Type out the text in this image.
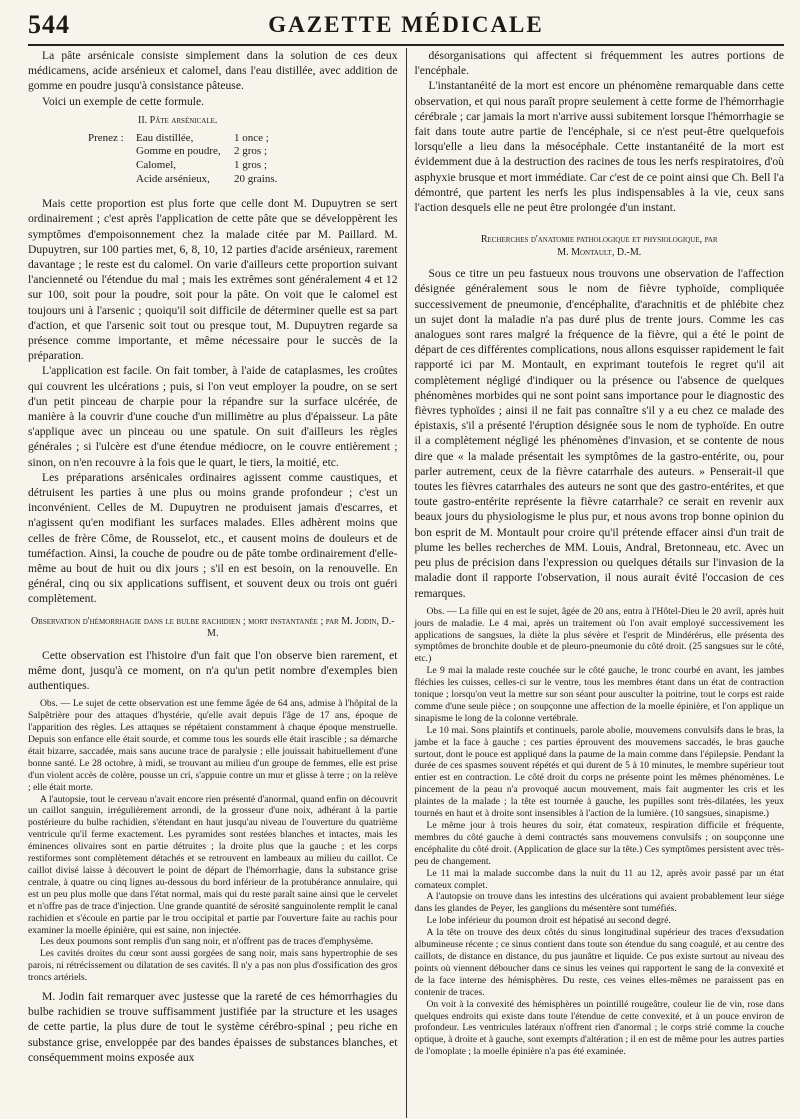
544	GAZETTE MÉDICALE

La pâte arsénicale consiste simplement dans la solution de ces deux médicamens, acide arsénieux et calomel, dans l'eau distillée, avec addition de gomme en poudre jusqu'à consistance pâteuse.

Voici un exemple de cette formule.

II. Pâte arsénicale.
Prenez :	Eau distillée,	1 once ;
Gomme en poudre,	2 gros ;
Calomel,	1 gros ;
Acide arsénieux,	20 grains.

Mais cette proportion est plus forte que celle dont M. Dupuytren se sert ordinairement ; c'est après l'application de cette pâte que se développèrent les symptômes d'empoisonnement chez la malade citée par M. Paillard. M. Dupuytren, sur 100 parties met, 6, 8, 10, 12 parties d'acide arsénieux, rarement davantage ; le reste est du calomel. On varie d'ailleurs cette proportion suivant l'ancienneté ou l'étendue du mal ; mais les extrêmes sont généralement 4 et 12 sur 100, soit pour la poudre, soit pour la pâte. On voit que le calomel est toujours uni à l'arsenic ; quoiqu'il soit difficile de déterminer quelle est sa part d'action, et que l'arsenic soit tout ou presque tout, M. Dupuytren regarde sa présence comme importante, et même nécessaire pour le succès de la préparation.

L'application est facile. On fait tomber, à l'aide de cataplasmes, les croûtes qui couvrent les ulcérations ; puis, si l'on veut employer la poudre, on se sert d'un petit pinceau de charpie pour la répandre sur la surface ulcérée, de manière à la couvrir d'une couche d'un millimètre au plus d'épaisseur. La pâte s'applique avec un pinceau ou une spatule. On suit d'ailleurs les règles générales ; si l'ulcère est d'une étendue médiocre, on le couvre entièrement ; sinon, on n'en recouvre à la fois que le quart, le tiers, la moitié, etc.

Les préparations arsénicales ordinaires agissent comme caustiques, et détruisent les parties à une plus ou moins grande profondeur ; c'est un inconvénient. Celles de M. Dupuytren ne produisent jamais d'escarres, et n'agissent qu'en modifiant les surfaces malades. Elles adhèrent moins que celles de frère Côme, de Rousselot, etc., et causent moins de douleurs et de tuméfaction. Ainsi, la couche de poudre ou de pâte tombe ordinairement d'elle-même au bout de huit ou dix jours ; s'il en est besoin, on la renouvelle. En général, cinq ou six applications suffisent, et souvent deux ou trois ont guéri complètement.

Observation d'hémorrhagie dans le bulbe rachidien ; mort instantanée ; par M. Jodin, D.-M.

Cette observation est l'histoire d'un fait que l'on observe bien rarement, et même dont, jusqu'à ce moment, on n'a qu'un petit nombre d'exemples bien authentiques.

Obs. — Le sujet de cette observation est une femme âgée de 64 ans, admise à l'hôpital de la Salpêtrière pour des attaques d'hystérie, qu'elle avait depuis l'âge de 17 ans, époque de l'apparition des règles. Les attaques se répétaient constamment à chaque époque menstruelle. Depuis son enfance elle était sourde, et comme tous les sourds elle était irascible ; sa démarche était bizarre, saccadée, mais sans aucune trace de paralysie ; elle jouissait habituellement d'une bonne santé. Le 28 octobre, à midi, se trouvant au milieu d'un groupe de femmes, elle est prise d'un violent accès de colère, pousse un cri, s'appuie contre un mur et glisse à terre ; on la relève ; elle était morte.

A l'autopsie, tout le cerveau n'avait encore rien présenté d'anormal, quand enfin on découvrit un caillot sanguin, irrégulièrement arrondi, de la grosseur d'une noix, adhérant à la partie postérieure du bulbe rachidien, s'étendant en haut jusqu'au niveau de l'ouverture du quatrième ventricule qu'il ferme exactement. Les pyramides sont restées blanches et intactes, mais les éminences olivaires sont en partie détruites ; la droite plus que la gauche ; et les corps restiformes sont complètement détachés et se retrouvent en lambeaux au milieu du caillot. Ce caillot divisé laisse à découvert le point de départ de l'hémorrhagie, dans la substance grise centrale, à quatre ou cinq lignes au-dessous du bord inférieur de la protubérance annulaire, qui est un peu plus molle que dans l'état normal, mais qui du reste paraît saine ainsi que le cervelet et n'offre pas de trace d'injection. Une grande quantité de sérosité sanguinolente remplit le canal rachidien et s'écoule en partie par le trou occipital et partie par l'ouverture faite au rachis pour examiner la moelle épinière, qui est saine, non injectée.

Les deux poumons sont remplis d'un sang noir, et n'offrent pas de traces d'emphysème.

Les cavités droites du cœur sont aussi gorgées de sang noir, mais sans hypertrophie de ses parois, ni rétrécissement ou dilatation de ses cavités. Il n'y a pas non plus d'ossification des gros troncs artériels.

M. Jodin fait remarquer avec justesse que la rareté de ces hémorrhagies du bulbe rachidien se trouve suffisamment justifiée par la structure et les usages de cette partie, la plus dure de tout le système cérébro-spinal ; peu riche en substance grise, enveloppée par des bandes épaisses de substances blanches, et conséquemment moins exposée aux

désorganisations qui affectent si fréquemment les autres portions de l'encéphale.

L'instantanéité de la mort est encore un phénomène remarquable dans cette observation, et qui nous paraît propre seulement à cette forme de l'hémorrhagie cérébrale ; car jamais la mort n'arrive aussi subitement lorsque l'hémorrhagie se fait dans toute autre partie de l'encéphale, si ce n'est peut-être quelquefois lorsqu'elle a lieu dans la mésocéphale. Cette instantanéité de la mort est évidemment due à la destruction des racines de tous les nerfs respiratoires, d'où asphyxie brusque et mort immédiate. Car c'est de ce point ainsi que Ch. Bell l'a démontré, que partent les nerfs les plus indispensables à la vie, ceux sans l'action desquels elle ne peut être prolongée d'un instant.

Recherches d'anatomie pathologique et physiologique, par
M. Montault, D.-M.

Sous ce titre un peu fastueux nous trouvons une observation de l'affection désignée généralement sous le nom de fièvre typhoïde, compliquée successivement de pneumonie, d'encéphalite, d'arachnitis et de phlébite chez un sujet dont la maladie n'a pas duré plus de trente jours. Comme les cas analogues sont rares malgré la fréquence de la fièvre, qui a été le point de départ de ces différentes complications, nous allons esquisser rapidement le fait rapporté ici par M. Montault, en exprimant toutefois le regret qu'il ait complètement négligé d'indiquer ou la présence ou l'absence de quelques phénomènes morbides qui ne sont point sans importance pour le diagnostic des fièvres typhoïdes ; ainsi il ne fait pas connaître s'il y a eu chez ce malade des épistaxis, s'il a présenté l'éruption désignée sous le nom de typhoïde. En outre il a complètement négligé les phénomènes d'invasion, et se contente de nous dire que « la malade présentait les symptômes de la gastro-entérite, ou, pour parler autrement, ceux de la fièvre catarrhale des auteurs. » Penserait-il que toutes les fièvres catarrhales des auteurs ne sont que des gastro-entérites, et que toute gastro-entérite représente la fièvre catarrhale? ce serait en revenir aux beaux jours du physiologisme le plus pur, et nous avons trop bonne opinion du bon esprit de M. Montault pour croire qu'il prétende effacer ainsi d'un trait de plume les belles recherches de MM. Louis, Andral, Bretonneau, etc. Avec un peu plus de précision dans l'expression ou quelques détails sur l'invasion de la maladie dont il rapporte l'observation, il nous aurait évité l'occasion de ces remarques.

Obs. — La fille qui en est le sujet, âgée de 20 ans, entra à l'Hôtel-Dieu le 20 avril, après huit jours de maladie. Le 4 mai, après un traitement où l'on avait employé successivement les applications de sangsues, la diète la plus sévère et l'esprit de Mindérérus, elle présenta des symptômes de bronchite double et de pleuro-pneumonie du côté droit. (25 sangsues sur le côté, etc.)

Le 9 mai la malade reste couchée sur le côté gauche, le tronc courbé en avant, les jambes fléchies les cuisses, celles-ci sur le ventre, tous les membres étant dans un état de contraction tonique ; lorsqu'on veut la mettre sur son séant pour ausculter la poitrine, tout le corps est raide comme d'une seule pièce ; on soupçonne une affection de la moelle épinière, et l'on applique un sinapisme le long de la colonne vertébrale.

Le 10 mai. Sons plaintifs et continuels, parole abolie, mouvemens convulsifs dans le bras, la jambe et la face à gauche ; ces parties éprouvent des mouvemens saccadés, le bras gauche surtout, dont le pouce est appliqué dans la paume de la main comme dans l'épilepsie. Pendant la durée de ces spasmes souvent répétés et qui durent de 5 à 10 minutes, le membre supérieur tout entier est en contraction. Le côté droit du corps ne présente point les mêmes phénomènes. Le pincement de la peau n'a provoqué aucun mouvement, mais fait augmenter les cris et les plaintes de la malade ; la tête est tournée à gauche, les pupilles sont très-dilatées, les yeux tournés en haut et à droite sont insensibles à l'action de la lumière. (10 sangsues, sinapisme.)

Le même jour à trois heures du soir, état comateux, respiration difficile et fréquente, membres du côté gauche à demi contractés sans mouvemens convulsifs ; on soupçonne une encéphalite du côté droit. (Application de glace sur la tête.) Ces symptômes persistent avec très-peu de changement.

Le 11 mai la malade succombe dans la nuit du 11 au 12, après avoir passé par un état comateux complet.

A l'autopsie on trouve dans les intestins des ulcérations qui avaient probablement leur siége dans les glandes de Peyer, les ganglions du mésentère sont tuméfiés.

Le lobe inférieur du poumon droit est hépatisé au second degré.

A la tête on trouve des deux côtés du sinus longitudinal supérieur des traces d'exsudation albumineuse récente ; ce sinus contient dans toute son étendue du sang coagulé, et au centre des caillots, de distance en distance, du pus jaunâtre et liquide. Ce pus existe surtout au niveau des points où viennent déboucher dans ce sinus les veines qui rapportent le sang de la convexité et de la face interne des hémisphères. Du reste, ces veines elles-mêmes ne paraissent pas en contenir de traces.

On voit à la convexité des hémisphères un pointillé rougeâtre, couleur lie de vin, rose dans quelques endroits qui existe dans toute l'étendue de cette convexité, et à un pouce environ de profondeur. Les ventricules latéraux n'offrent rien d'anormal ; le corps strié comme la couche optique, à droite et à gauche, sont exempts d'altération ; il en est de même pour les autres parties de l'omoplate ; la moelle épinière n'a pas été examinée.
